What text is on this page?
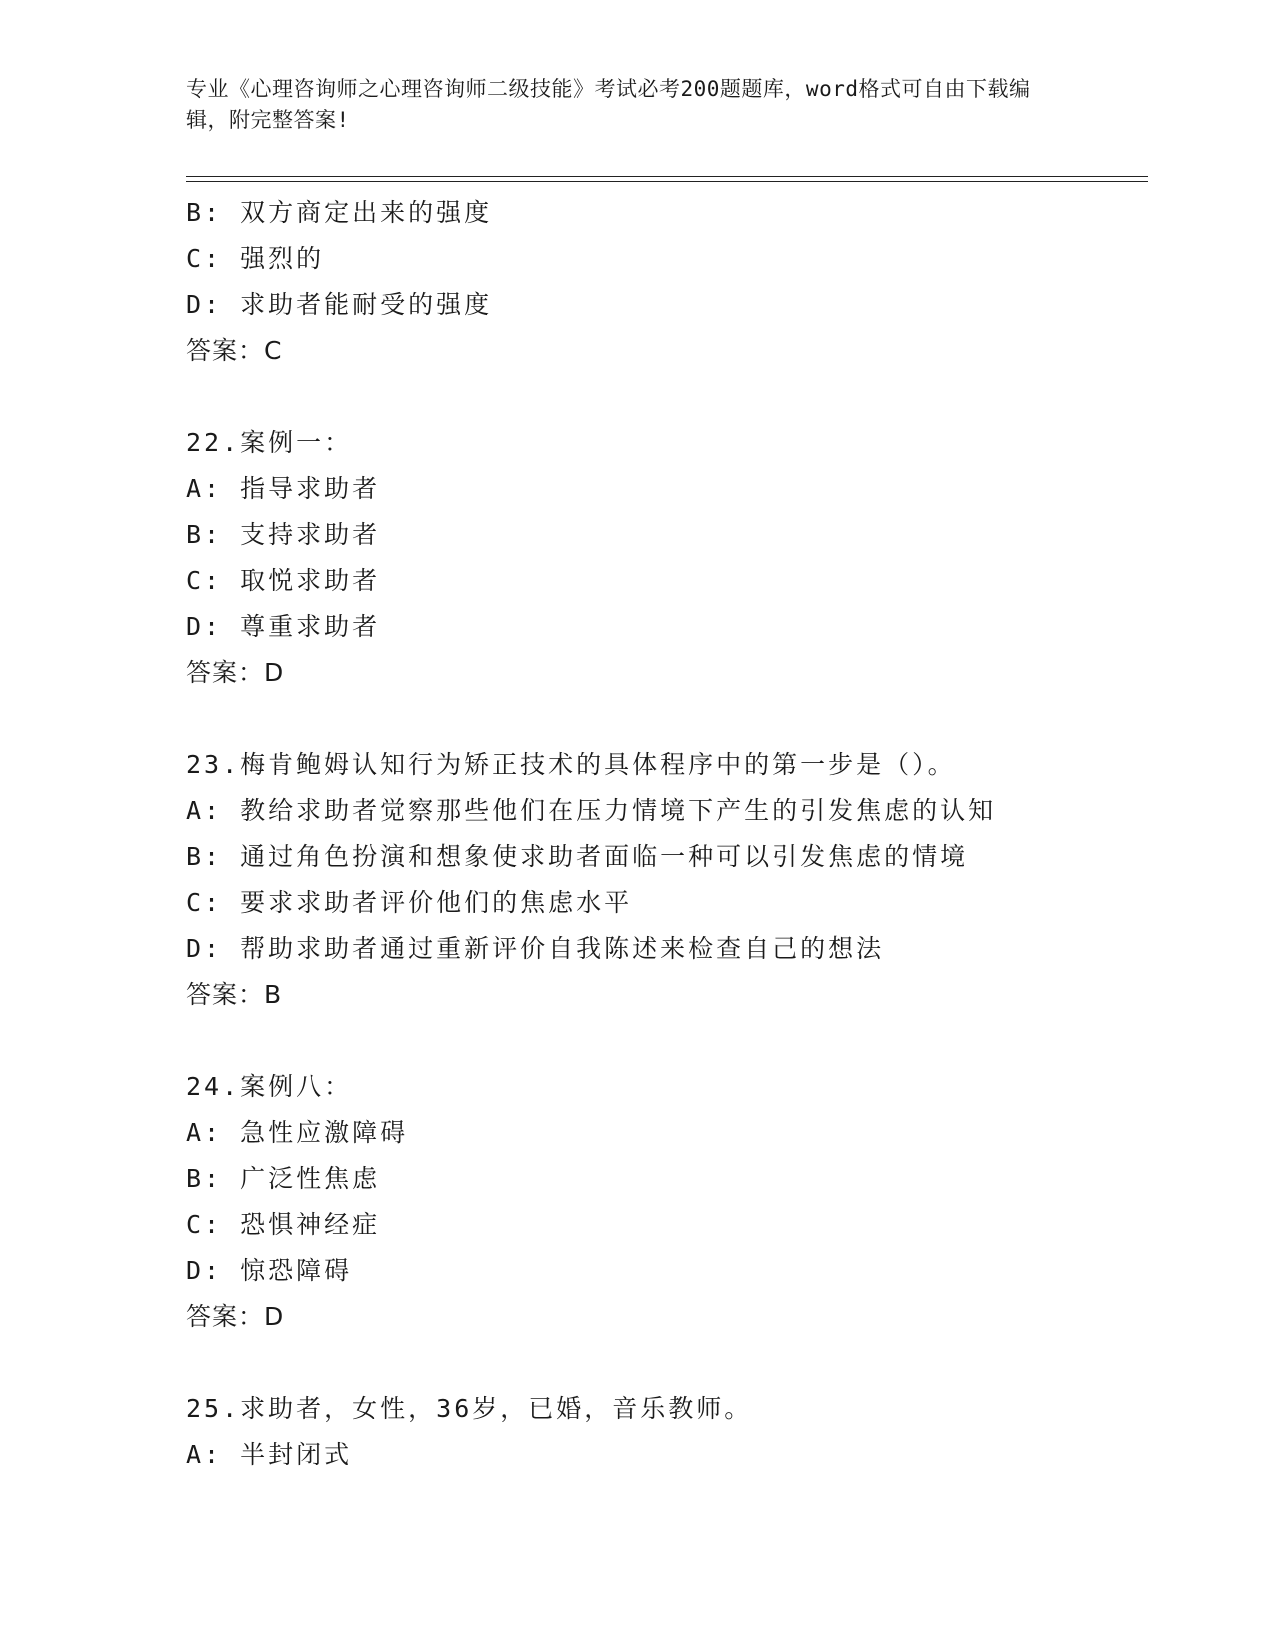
专业《心理咨询师之心理咨询师二级技能》考试必考200题题库，word格式可自由下载编辑，附完整答案!
B: 双方商定出来的强度
C: 强烈的
D: 求助者能耐受的强度
答案：C
22.案例一：
A: 指导求助者
B: 支持求助者
C: 取悦求助者
D: 尊重求助者
答案：D
23.梅肯鲍姆认知行为矫正技术的具体程序中的第一步是（）。
A: 教给求助者觉察那些他们在压力情境下产生的引发焦虑的认知
B: 通过角色扮演和想象使求助者面临一种可以引发焦虑的情境
C: 要求求助者评价他们的焦虑水平
D: 帮助求助者通过重新评价自我陈述来检查自己的想法
答案：B
24.案例八：
A: 急性应激障碍
B: 广泛性焦虑
C: 恐惧神经症
D: 惊恐障碍
答案：D
25.求助者，女性，36岁，已婚，音乐教师。
A: 半封闭式
